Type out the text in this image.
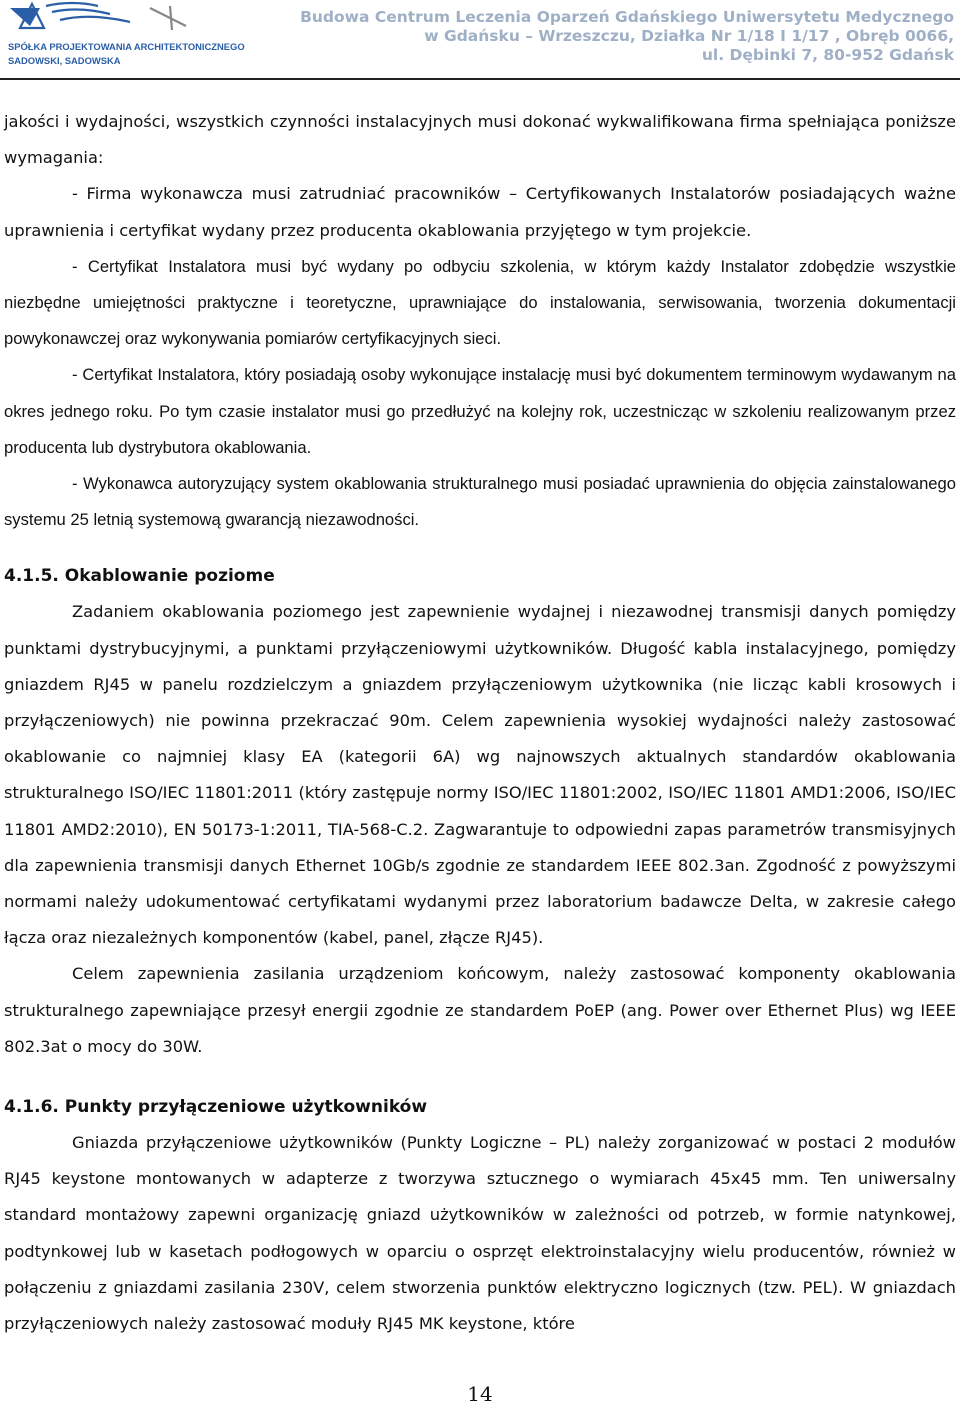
SPÓŁKA PROJEKTOWANIA ARCHITEKTONICZNEGO
SADOWSKI, SADOWSKA
Budowa Centrum Leczenia Oparzeń Gdańskiego Uniwersytetu Medycznego
w Gdańsku – Wrzeszczu, Działka Nr 1/18 I 1/17 , Obręb 0066,
ul. Dębinki 7, 80-952 Gdańsk

jakości i wydajności, wszystkich czynności instalacyjnych musi dokonać wykwalifikowana firma spełniająca poniższe wymagania:

- Firma wykonawcza musi zatrudniać pracowników – Certyfikowanych Instalatorów posiadających ważne uprawnienia i certyfikat wydany przez producenta okablowania przyjętego w tym projekcie.

- Certyfikat Instalatora musi być wydany po odbyciu szkolenia, w którym każdy Instalator zdobędzie wszystkie niezbędne umiejętności praktyczne i teoretyczne, uprawniające do instalowania, serwisowania, tworzenia dokumentacji powykonawczej oraz wykonywania pomiarów certyfikacyjnych sieci.

- Certyfikat Instalatora, który posiadają osoby wykonujące instalację musi być dokumentem terminowym wydawanym na okres jednego roku. Po tym czasie instalator musi go przedłużyć na kolejny rok, uczestnicząc w szkoleniu realizowanym przez producenta lub dystrybutora okablowania.

- Wykonawca autoryzujący system okablowania strukturalnego musi posiadać uprawnienia do objęcia zainstalowanego systemu 25 letnią systemową gwarancją niezawodności.

4.1.5. Okablowanie poziome

Zadaniem okablowania poziomego jest zapewnienie wydajnej i niezawodnej transmisji danych pomiędzy punktami dystrybucyjnymi, a punktami przyłączeniowymi użytkowników. Długość kabla instalacyjnego, pomiędzy gniazdem RJ45 w panelu rozdzielczym a gniazdem przyłączeniowym użytkownika (nie licząc kabli krosowych i przyłączeniowych) nie powinna przekraczać 90m. Celem zapewnienia wysokiej wydajności należy zastosować okablowanie co najmniej klasy EA (kategorii 6A) wg najnowszych aktualnych standardów okablowania strukturalnego ISO/IEC 11801:2011 (który zastępuje normy ISO/IEC 11801:2002, ISO/IEC 11801 AMD1:2006, ISO/IEC 11801 AMD2:2010), EN 50173-1:2011, TIA-568-C.2. Zagwarantuje to odpowiedni zapas parametrów transmisyjnych dla zapewnienia transmisji danych Ethernet 10Gb/s zgodnie ze standardem IEEE 802.3an. Zgodność z powyższymi normami należy udokumentować certyfikatami wydanymi przez laboratorium badawcze Delta, w zakresie całego łącza oraz niezależnych komponentów (kabel, panel, złącze RJ45).

Celem zapewnienia zasilania urządzeniom końcowym, należy zastosować komponenty okablowania strukturalnego zapewniające przesył energii zgodnie ze standardem PoEP (ang. Power over Ethernet Plus) wg IEEE 802.3at o mocy do 30W.

4.1.6. Punkty przyłączeniowe użytkowników

Gniazda przyłączeniowe użytkowników (Punkty Logiczne – PL) należy zorganizować w postaci 2 modułów RJ45 keystone montowanych w adapterze z tworzywa sztucznego o wymiarach 45x45 mm. Ten uniwersalny standard montażowy zapewni organizację gniazd użytkowników w zależności od potrzeb, w formie natynkowej, podtynkowej lub w kasetach podłogowych w oparciu o osprzęt elektroinstalacyjny wielu producentów, również w połączeniu z gniazdami zasilania 230V, celem stworzenia punktów elektryczno logicznych (tzw. PEL). W gniazdach przyłączeniowych należy zastosować moduły RJ45 MK keystone, które

14
